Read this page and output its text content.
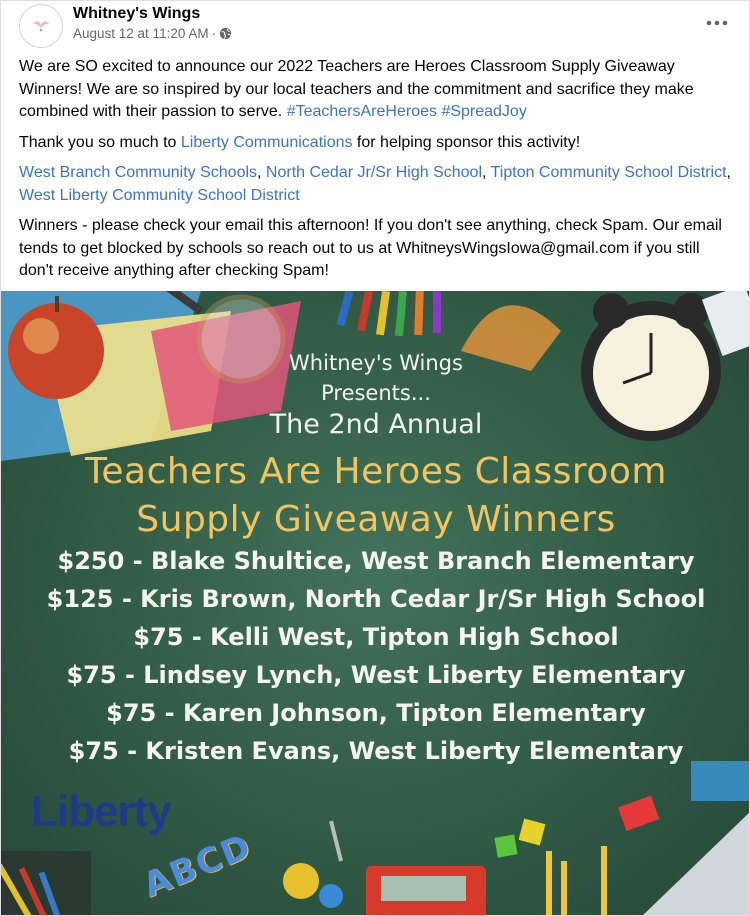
Whitney's Wings
August 12 at 11:20 AM ·

We are SO excited to announce our 2022 Teachers are Heroes Classroom Supply Giveaway Winners! We are so inspired by our local teachers and the commitment and sacrifice they make combined with their passion to serve. #TeachersAreHeroes #SpreadJoy

Thank you so much to Liberty Communications for helping sponsor this activity!

West Branch Community Schools, North Cedar Jr/Sr High School, Tipton Community School District, West Liberty Community School District

Winners - please check your email this afternoon! If you don't see anything, check Spam. Our email tends to get blocked by schools so reach out to us at WhitneysWingsIowa@gmail.com if you still don't receive anything after checking Spam!

Whitney's Wings
Presents...
The 2nd Annual
Teachers Are Heroes Classroom
Supply Giveaway Winners
$250 - Blake Shultice, West Branch Elementary
$125 - Kris Brown, North Cedar Jr/Sr High School
$75 - Kelli West, Tipton High School
$75 - Lindsey Lynch, West Liberty Elementary
$75 - Karen Johnson, Tipton Elementary
$75 - Kristen Evans, West Liberty Elementary
Liberty
ABCD
